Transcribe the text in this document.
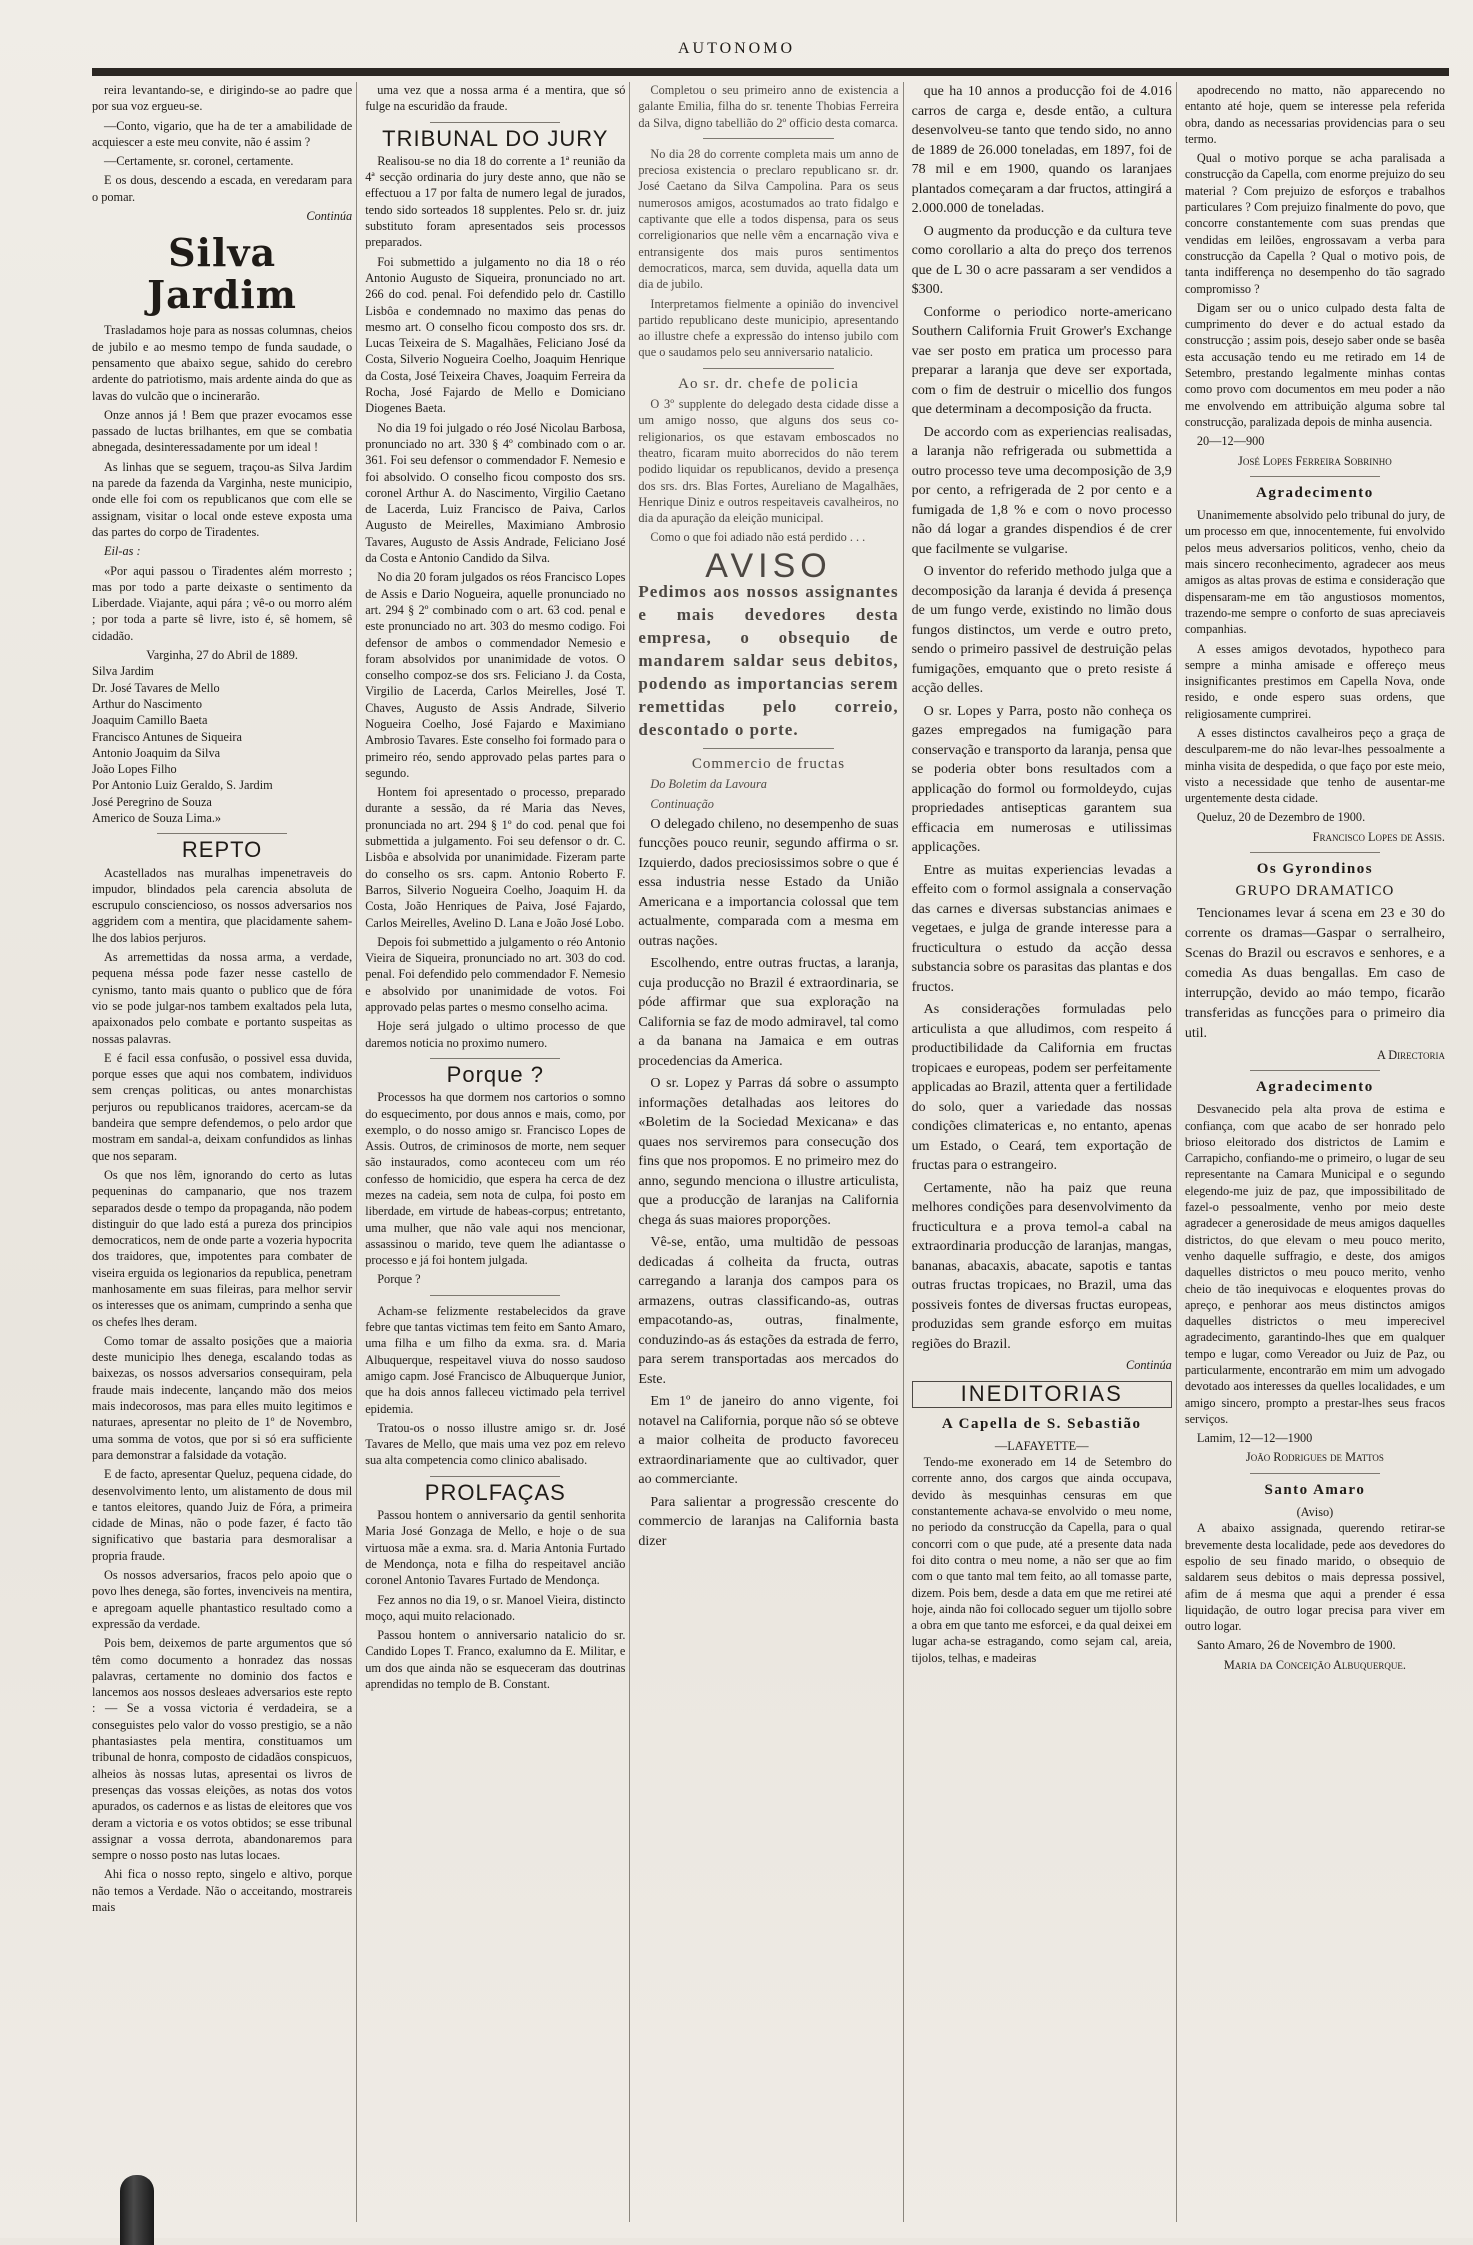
AUTONOMO

reira levantando-se, e dirigindo-se ao padre que por sua voz ergueu-se.

—Conto, vigario, que ha de ter a amabilidade de acquiescer a este meu convite, não é assim ?

—Certamente, sr. coronel, certamente.

E os dous, descendo a escada, en veredaram para o pomar.

Continúa

Silva Jardim

Trasladamos hoje para as nossas columnas, cheios de jubilo e ao mesmo tempo de funda saudade, o pensamento que abaixo segue, sahido do cerebro ardente do patriotismo, mais ardente ainda do que as lavas do vulcão que o incinerarão.

Onze annos já ! Bem que prazer evocamos esse passado de luctas brilhantes, em que se combatia abnegada, desinteressadamente por um ideal !

As linhas que se seguem, traçou-as Silva Jardim na parede da fazenda da Varginha, neste municipio, onde elle foi com os republicanos que com elle se assignam, visitar o local onde esteve exposta uma das partes do corpo de Tiradentes.

Eil-as :

«Por aqui passou o Tiradentes além morresto ; mas por todo a parte deixaste o sentimento da Liberdade. Viajante, aqui pára ; vê-o ou morro além ; por toda a parte sê livre, isto é, sê homem, sê cidadão.

Varginha, 27 do Abril de 1889.

Silva Jardim

Dr. José Tavares de Mello

Arthur do Nascimento

Joaquim Camillo Baeta

Francisco Antunes de Siqueira

Antonio Joaquim da Silva

João Lopes Filho

Por Antonio Luiz Geraldo, S. Jardim

José Peregrino de Souza

Americo de Souza Lima.»

REPTO

Acastellados nas muralhas impenetraveis do impudor, blindados pela carencia absoluta de escrupulo consciencioso, os nossos adversarios nos aggridem com a mentira, que placidamente sahem-lhe dos labios perjuros.

As arremettidas da nossa arma, a verdade, pequena méssa pode fazer nesse castello de cynismo, tanto mais quanto o publico que de fóra vio se pode julgar-nos tambem exaltados pela luta, apaixonados pelo combate e portanto suspeitas as nossas palavras.

E é facil essa confusão, o possivel essa duvida, porque esses que aqui nos combatem, individuos sem crenças politicas, ou antes monarchistas perjuros ou republicanos traidores, acercam-se da bandeira que sempre defendemos, o pelo ardor que mostram em sandal-a, deixam confundidos as linhas que nos separam.

Os que nos lêm, ignorando do certo as lutas pequeninas do campanario, que nos trazem separados desde o tempo da propaganda, não podem distinguir do que lado está a pureza dos principios democraticos, nem de onde parte a vozeria hypocrita dos traidores, que, impotentes para combater de viseira erguida os legionarios da republica, penetram manhosamente em suas fileiras, para melhor servir os interesses que os animam, cumprindo a senha que os chefes lhes deram.

Como tomar de assalto posições que a maioria deste municipio lhes denega, escalando todas as baixezas, os nossos adversarios consequiram, pela fraude mais indecente, lançando mão dos meios mais indecorosos, mas para elles muito legitimos e naturaes, apresentar no pleito de 1º de Novembro, uma somma de votos, que por si só era sufficiente para demonstrar a falsidade da votação.

E de facto, apresentar Queluz, pequena cidade, do desenvolvimento lento, um alistamento de dous mil e tantos eleitores, quando Juiz de Fóra, a primeira cidade de Minas, não o pode fazer, é facto tão significativo que bastaria para desmoralisar a propria fraude.

Os nossos adversarios, fracos pelo apoio que o povo lhes denega, são fortes, invenciveis na mentira, e apregoam aquelle phantastico resultado como a expressão da verdade.

Pois bem, deixemos de parte argumentos que só têm como documento a honradez das nossas palavras, certamente no dominio dos factos e lancemos aos nossos desleaes adversarios este repto : — Se a vossa victoria é verdadeira, se a conseguistes pelo valor do vosso prestigio, se a não phantasiastes pela mentira, constituamos um tribunal de honra, composto de cidadãos conspicuos, alheios às nossas lutas, apresentai os livros de presenças das vossas eleições, as notas dos votos apurados, os cadernos e as listas de eleitores que vos deram a victoria e os votos obtidos; se esse tribunal assignar a vossa derrota, abandonaremos para sempre o nosso posto nas lutas locaes.

Ahi fica o nosso repto, singelo e altivo, porque não temos a Verdade. Não o acceitando, mostrareis mais

uma vez que a nossa arma é a mentira, que só fulge na escuridão da fraude.

TRIBUNAL DO JURY

Realisou-se no dia 18 do corrente a 1ª reunião da 4ª secção ordinaria do jury deste anno, que não se effectuou a 17 por falta de numero legal de jurados, tendo sido sorteados 18 supplentes. Pelo sr. dr. juiz substituto foram apresentados seis processos preparados.

Foi submettido a julgamento no dia 18 o réo Antonio Augusto de Siqueira, pronunciado no art. 266 do cod. penal. Foi defendido pelo dr. Castillo Lisbôa e condemnado no maximo das penas do mesmo art. O conselho ficou composto dos srs. dr. Lucas Teixeira de S. Magalhães, Feliciano José da Costa, Silverio Nogueira Coelho, Joaquim Henrique da Costa, José Teixeira Chaves, Joaquim Ferreira da Rocha, José Fajardo de Mello e Domiciano Diogenes Baeta.

No dia 19 foi julgado o réo José Nicolau Barbosa, pronunciado no art. 330 § 4º combinado com o ar. 361. Foi seu defensor o commendador F. Nemesio e foi absolvido. O conselho ficou composto dos srs. coronel Arthur A. do Nascimento, Virgilio Caetano de Lacerda, Luiz Francisco de Paiva, Carlos Augusto de Meirelles, Maximiano Ambrosio Tavares, Augusto de Assis Andrade, Feliciano José da Costa e Antonio Candido da Silva.

No dia 20 foram julgados os réos Francisco Lopes de Assis e Dario Nogueira, aquelle pronunciado no art. 294 § 2º combinado com o art. 63 cod. penal e este pronunciado no art. 303 do mesmo codigo. Foi defensor de ambos o commendador Nemesio e foram absolvidos por unanimidade de votos. O conselho compoz-se dos srs. Feliciano J. da Costa, Virgilio de Lacerda, Carlos Meirelles, José T. Chaves, Augusto de Assis Andrade, Silverio Nogueira Coelho, José Fajardo e Maximiano Ambrosio Tavares. Este conselho foi formado para o primeiro réo, sendo approvado pelas partes para o segundo.

Hontem foi apresentado o processo, preparado durante a sessão, da ré Maria das Neves, pronunciada no art. 294 § 1º do cod. penal que foi submettida a julgamento. Foi seu defensor o dr. C. Lisbôa e absolvida por unanimidade. Fizeram parte do conselho os srs. capm. Antonio Roberto F. Barros, Silverio Nogueira Coelho, Joaquim H. da Costa, João Henriques de Paiva, José Fajardo, Carlos Meirelles, Avelino D. Lana e João José Lobo.

Depois foi submettido a julgamento o réo Antonio Vieira de Siqueira, pronunciado no art. 303 do cod. penal. Foi defendido pelo commendador F. Nemesio e absolvido por unanimidade de votos. Foi approvado pelas partes o mesmo conselho acima.

Hoje será julgado o ultimo processo de que daremos noticia no proximo numero.

Porque ?

Processos ha que dormem nos cartorios o somno do esquecimento, por dous annos e mais, como, por exemplo, o do nosso amigo sr. Francisco Lopes de Assis. Outros, de criminosos de morte, nem sequer são instaurados, como aconteceu com um réo confesso de homicidio, que espera ha cerca de dez mezes na cadeia, sem nota de culpa, foi posto em liberdade, em virtude de habeas-corpus; entretanto, uma mulher, que não vale aqui nos mencionar, assassinou o marido, teve quem lhe adiantasse o processo e já foi hontem julgada.

Porque ?

Acham-se felizmente restabelecidos da grave febre que tantas victimas tem feito em Santo Amaro, uma filha e um filho da exma. sra. d. Maria Albuquerque, respeitavel viuva do nosso saudoso amigo capm. José Francisco de Albuquerque Junior, que ha dois annos falleceu victimado pela terrivel epidemia.

Tratou-os o nosso illustre amigo sr. dr. José Tavares de Mello, que mais uma vez poz em relevo sua alta competencia como clinico abalisado.

PROLFAÇAS

Passou hontem o anniversario da gentil senhorita Maria José Gonzaga de Mello, e hoje o de sua virtuosa mãe a exma. sra. d. Maria Antonia Furtado de Mendonça, nota e filha do respeitavel ancião coronel Antonio Tavares Furtado de Mendonça.

Fez annos no dia 19, o sr. Manoel Vieira, distincto moço, aqui muito relacionado.

Passou hontem o anniversario natalicio do sr. Candido Lopes T. Franco, exalumno da E. Militar, e um dos que ainda não se esqueceram das doutrinas aprendidas no templo de B. Constant.

Completou o seu primeiro anno de existencia a galante Emilia, filha do sr. tenente Thobias Ferreira da Silva, digno tabellião do 2º officio desta comarca.

No dia 28 do corrente completa mais um anno de preciosa existencia o preclaro republicano sr. dr. José Caetano da Silva Campolina. Para os seus numerosos amigos, acostumados ao trato fidalgo e captivante que elle a todos dispensa, para os seus correligionarios que nelle vêm a encarnação viva e entransigente dos mais puros sentimentos democraticos, marca, sem duvida, aquella data um dia de jubilo.

Interpretamos fielmente a opinião do invencivel partido republicano deste municipio, apresentando ao illustre chefe a expressão do intenso jubilo com que o saudamos pelo seu anniversario natalicio.

Ao sr. dr. chefe de policia

O 3º supplente do delegado desta cidade disse a um amigo nosso, que alguns dos seus co-religionarios, os que estavam emboscados no theatro, ficaram muito aborrecidos do não terem podido liquidar os republicanos, devido a presença dos srs. drs. Blas Fortes, Aureliano de Magalhães, Henrique Diniz e outros respeitaveis cavalheiros, no dia da apuração da eleição municipal.

Como o que foi adiado não está perdido . . .

AVISO
Pedimos aos nossos assignantes e mais devedores desta empresa, o obsequio de mandarem saldar seus debitos, podendo as importancias serem remettidas pelo correio, descontado o porte.
Commercio de fructas

Do Boletim da Lavoura

Continuação

O delegado chileno, no desempenho de suas funcções pouco reunir, segundo affirma o sr. Izquierdo, dados preciosissimos sobre o que é essa industria nesse Estado da União Americana e a importancia colossal que tem actualmente, comparada com a mesma em outras nações.

Escolhendo, entre outras fructas, a laranja, cuja producção no Brazil é extraordinaria, se póde affirmar que sua exploração na California se faz de modo admiravel, tal como a da banana na Jamaica e em outras procedencias da America.

O sr. Lopez y Parras dá sobre o assumpto informações detalhadas aos leitores do «Boletim de la Sociedad Mexicana» e das quaes nos serviremos para consecução dos fins que nos propomos. E no primeiro mez do anno, segundo menciona o illustre articulista, que a producção de laranjas na California chega ás suas maiores proporções.

Vê-se, então, uma multidão de pessoas dedicadas á colheita da fructa, outras carregando a laranja dos campos para os armazens, outras classificando-as, outras empacotando-as, outras, finalmente, conduzindo-as ás estações da estrada de ferro, para serem transportadas aos mercados do Este.

Em 1º de janeiro do anno vigente, foi notavel na California, porque não só se obteve a maior colheita de producto favoreceu extraordinariamente que ao cultivador, quer ao commerciante.

Para salientar a progressão crescente do commercio de laranjas na California basta dizer

que ha 10 annos a producção foi de 4.016 carros de carga e, desde então, a cultura desenvolveu-se tanto que tendo sido, no anno de 1889 de 26.000 toneladas, em 1897, foi de 78 mil e em 1900, quando os laranjaes plantados começaram a dar fructos, attingirá a 2.000.000 de toneladas.

O augmento da producção e da cultura teve como corollario a alta do preço dos terrenos que de L 30 o acre passaram a ser vendidos a $300.

Conforme o periodico norte-americano Southern California Fruit Grower's Exchange vae ser posto em pratica um processo para preparar a laranja que deve ser exportada, com o fim de destruir o micellio dos fungos que determinam a decomposição da fructa.

De accordo com as experiencias realisadas, a laranja não refrigerada ou submettida a outro processo teve uma decomposição de 3,9 por cento, a refrigerada de 2 por cento e a fumigada de 1,8 % e com o novo processo não dá logar a grandes dispendios é de crer que facilmente se vulgarise.

O inventor do referido methodo julga que a decomposição da laranja é devida á presença de um fungo verde, existindo no limão dous fungos distinctos, um verde e outro preto, sendo o primeiro passivel de destruição pelas fumigações, emquanto que o preto resiste á acção delles.

O sr. Lopes y Parra, posto não conheça os gazes empregados na fumigação para conservação e transporto da laranja, pensa que se poderia obter bons resultados com a applicação do formol ou formoldeydo, cujas propriedades antisepticas garantem sua efficacia em numerosas e utilissimas applicações.

Entre as muitas experiencias levadas a effeito com o formol assignala a conservação das carnes e diversas substancias animaes e vegetaes, e julga de grande interesse para a fructicultura o estudo da acção dessa substancia sobre os parasitas das plantas e dos fructos.

As considerações formuladas pelo articulista a que alludimos, com respeito á productibilidade da California em fructas tropicaes e europeas, podem ser perfeitamente applicadas ao Brazil, attenta quer a fertilidade do solo, quer a variedade das nossas condições climatericas e, no entanto, apenas um Estado, o Ceará, tem exportação de fructas para o estrangeiro.

Certamente, não ha paiz que reuna melhores condições para desenvolvimento da fructicultura e a prova temol-a cabal na extraordinaria producção de laranjas, mangas, bananas, abacaxis, abacate, sapotis e tantas outras fructas tropicaes, no Brazil, uma das possiveis fontes de diversas fructas europeas, produzidas sem grande esforço em muitas regiões do Brazil.

Continúa

INEDITORIAS
A Capella de S. Sebastião

—LAFAYETTE—

Tendo-me exonerado em 14 de Setembro do corrente anno, dos cargos que ainda occupava, devido às mesquinhas censuras em que constantemente achava-se envolvido o meu nome, no periodo da construcção da Capella, para o qual concorri com o que pude, até a presente data nada foi dito contra o meu nome, a não ser que ao fim com o que tanto mal tem feito, ao all tomasse parte, dizem. Pois bem, desde a data em que me retirei até hoje, ainda não foi collocado seguer um tijollo sobre a obra em que tanto me esforcei, e da qual deixei em lugar acha-se estragando, como sejam cal, areia, tijolos, telhas, e madeiras

apodrecendo no matto, não apparecendo no entanto até hoje, quem se interesse pela referida obra, dando as necessarias providencias para o seu termo.

Qual o motivo porque se acha paralisada a construcção da Capella, com enorme prejuizo do seu material ? Com prejuizo de esforços e trabalhos particulares ? Com prejuizo finalmente do povo, que concorre constantemente com suas prendas que vendidas em leilões, engrossavam a verba para construcção da Capella ? Qual o motivo pois, de tanta indifferença no desempenho do tão sagrado compromisso ?

Digam ser ou o unico culpado desta falta de cumprimento do dever e do actual estado da construcção ; assim pois, desejo saber onde se basêa esta accusação tendo eu me retirado em 14 de Setembro, prestando legalmente minhas contas como provo com documentos em meu poder a não me envolvendo em attribuição alguma sobre tal construcção, paralizada depois de minha ausencia.

20—12—900

José Lopes Ferreira Sobrinho

Agradecimento

Unanimemente absolvido pelo tribunal do jury, de um processo em que, innocentemente, fui envolvido pelos meus adversarios politicos, venho, cheio da mais sincero reconhecimento, agradecer aos meus amigos as altas provas de estima e consideração que dispensaram-me em tão angustiosos momentos, trazendo-me sempre o conforto de suas apreciaveis companhias.

A esses amigos devotados, hypothecо para sempre a minha amisade e offereço meus insignificantes prestimos em Capella Nova, onde resido, e onde espero suas ordens, que religiosamente cumprirei.

A esses distinctos cavalheiros peço a graça de desculparem-me do não levar-lhes pessoalmente a minha visita de despedida, o que faço por este meio, visto a necessidade que tenho de ausentar-me urgentemente desta cidade.

Queluz, 20 de Dezembro de 1900.

Francisco Lopes de Assis.

Os Gyrondinos
GRUPO DRAMATICO

Tencionames levar á scena em 23 e 30 do corrente os dramas—Gaspar o serralheiro, Scenas do Brazil ou escravos e senhores, e a comedia As duas bengallas. Em caso de interrupção, devido ao máo tempo, ficarão transferidas as funcções para o primeiro dia util.

A Directoria

Agradecimento

Desvanecido pela alta prova de estima e confiança, com que acabo de ser honrado pelo brioso eleitorado dos districtos de Lamim e Carrapicho, confiando-me o primeiro, o lugar de seu representante na Camara Municipal e o segundo elegendo-me juiz de paz, que impossibilitado de fazel-o pessoalmente, venho por meio deste agradecer a generosidade de meus amigos daquelles districtos, do que elevam o meu pouco merito, venho daquelle suffragio, e deste, dos amigos daquelles districtos o meu pouco merito, venho cheio de tão inequivocas e eloquentes provas do apreço, e penhorar aos meus distinctos amigos daquelles districtos o meu imperecivel agradecimento, garantindo-lhes que em qualquer tempo e lugar, como Vereador ou Juiz de Paz, ou particularmente, encontrarão em mim um advogado devotado aos interesses da quelles localidades, e um amigo sincero, prompto a prestar-lhes seus fracos serviços.

Lamim, 12—12—1900

João Rodrigues de Mattos

Santo Amaro

(Aviso)

A abaixo assignada, querendo retirar-se brevemente desta localidade, pede aos devedores do espolio de seu finado marido, o obsequio de saldarem seus debitos o mais depressa possivel, afim de á mesma que aqui a prender é essa liquidação, de outro logar precisa para viver em outro logar.

Santo Amaro, 26 de Novembro de 1900.

Maria da Conceição Albuquerque.
